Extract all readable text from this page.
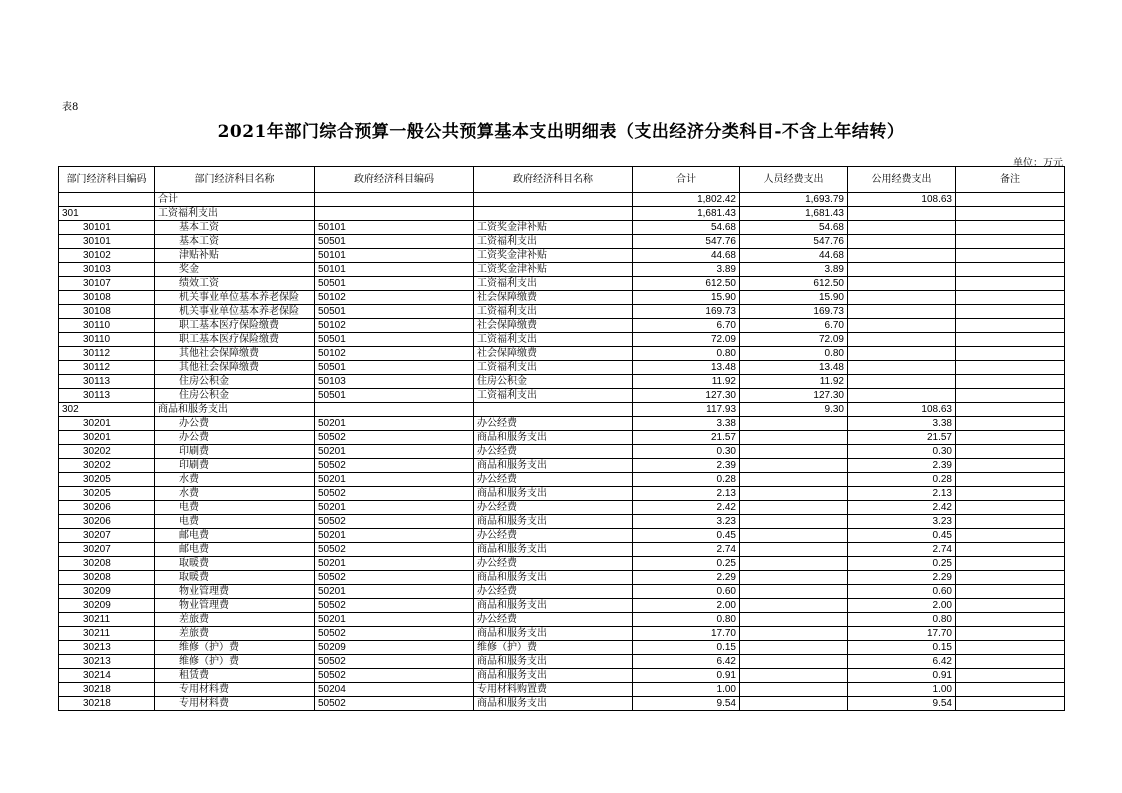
表8
2021年部门综合预算一般公共预算基本支出明细表（支出经济分类科目-不含上年结转）
单位：万元
部门经济科目编码	部门经济科目名称	政府经济科目编码	政府经济科目名称	合计	人员经费支出	公用经费支出	备注
	合计			1,802.42	1,693.79	108.63	
301	工资福利支出			1,681.43	1,681.43		
30101	基本工资	50101	工资奖金津补贴	54.68	54.68		
30101	基本工资	50501	工资福利支出	547.76	547.76		
30102	津贴补贴	50101	工资奖金津补贴	44.68	44.68		
30103	奖金	50101	工资奖金津补贴	3.89	3.89		
30107	绩效工资	50501	工资福利支出	612.50	612.50		
30108	机关事业单位基本养老保险	50102	社会保障缴费	15.90	15.90		
30108	机关事业单位基本养老保险	50501	工资福利支出	169.73	169.73		
30110	职工基本医疗保险缴费	50102	社会保障缴费	6.70	6.70		
30110	职工基本医疗保险缴费	50501	工资福利支出	72.09	72.09		
30112	其他社会保障缴费	50102	社会保障缴费	0.80	0.80		
30112	其他社会保障缴费	50501	工资福利支出	13.48	13.48		
30113	住房公积金	50103	住房公积金	11.92	11.92		
30113	住房公积金	50501	工资福利支出	127.30	127.30		
302	商品和服务支出			117.93	9.30	108.63	
30201	办公费	50201	办公经费	3.38		3.38	
30201	办公费	50502	商品和服务支出	21.57		21.57	
30202	印刷费	50201	办公经费	0.30		0.30	
30202	印刷费	50502	商品和服务支出	2.39		2.39	
30205	水费	50201	办公经费	0.28		0.28	
30205	水费	50502	商品和服务支出	2.13		2.13	
30206	电费	50201	办公经费	2.42		2.42	
30206	电费	50502	商品和服务支出	3.23		3.23	
30207	邮电费	50201	办公经费	0.45		0.45	
30207	邮电费	50502	商品和服务支出	2.74		2.74	
30208	取暖费	50201	办公经费	0.25		0.25	
30208	取暖费	50502	商品和服务支出	2.29		2.29	
30209	物业管理费	50201	办公经费	0.60		0.60	
30209	物业管理费	50502	商品和服务支出	2.00		2.00	
30211	差旅费	50201	办公经费	0.80		0.80	
30211	差旅费	50502	商品和服务支出	17.70		17.70	
30213	维修（护）费	50209	维修（护）费	0.15		0.15	
30213	维修（护）费	50502	商品和服务支出	6.42		6.42	
30214	租赁费	50502	商品和服务支出	0.91		0.91	
30218	专用材料费	50204	专用材料购置费	1.00		1.00	
30218	专用材料费	50502	商品和服务支出	9.54		9.54	
